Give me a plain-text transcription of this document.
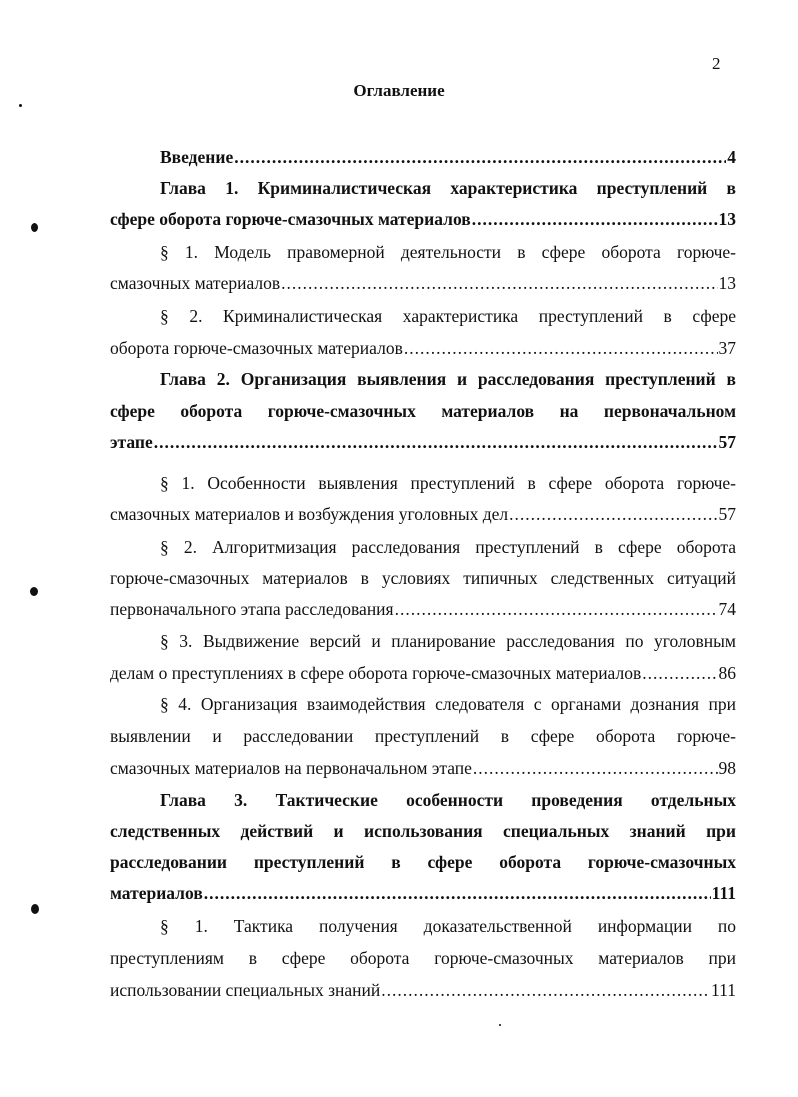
2
Оглавление
Введение .....	4
Глава 1. Криминалистическая характеристика преступлений в
сфере оборота горюче-смазочных материалов .....	13
§ 1. Модель правомерной деятельности в сфере оборота горюче-
смазочных материалов .....	13
§ 2. Криминалистическая характеристика преступлений в сфере
оборота горюче-смазочных материалов .....	37
Глава 2. Организация выявления и расследования преступлений в
сфере оборота горюче-смазочных материалов на первоначальном
этапе .....	57
§ 1. Особенности выявления преступлений в сфере оборота горюче-
смазочных материалов и возбуждения уголовных дел .....	57
§ 2. Алгоритмизация расследования преступлений в сфере оборота
горюче-смазочных материалов в условиях типичных следственных ситуаций
первоначального этапа расследования .....	74
§ 3. Выдвижение версий и планирование расследования по уголовным
делам о преступлениях в сфере оборота горюче-смазочных материалов .....	86
§ 4. Организация взаимодействия следователя с органами дознания при
выявлении и расследовании преступлений в сфере оборота горюче-
смазочных материалов на первоначальном этапе .....	98
Глава 3. Тактические особенности проведения отдельных
следственных действий и использования специальных знаний при
расследовании преступлений в сфере оборота горюче-смазочных
материалов .....	111
§ 1. Тактика получения доказательственной информации по
преступлениям в сфере оборота горюче-смазочных материалов при
использовании специальных знаний .....	111
